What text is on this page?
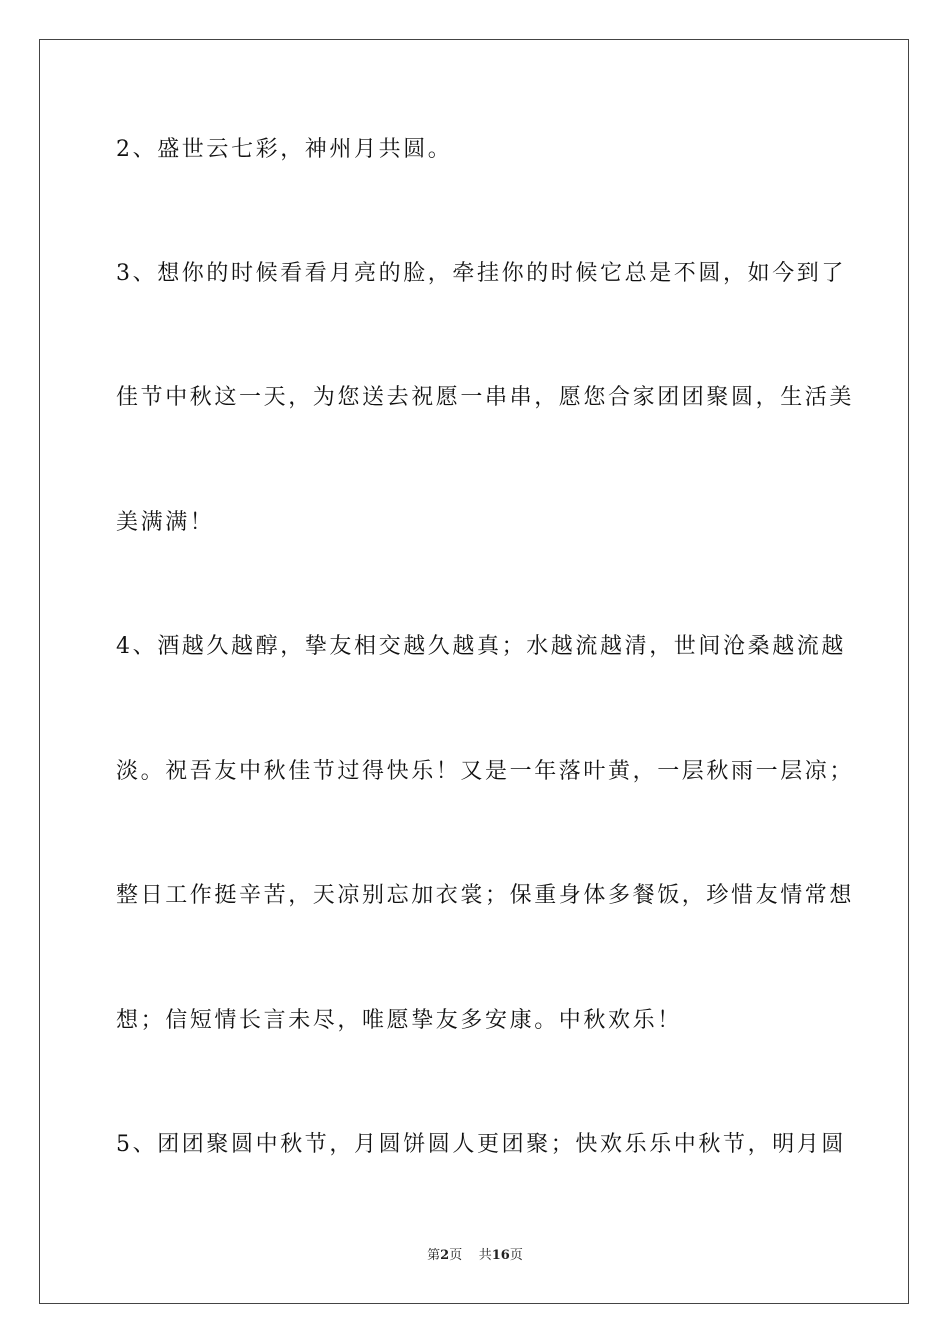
2、盛世云七彩，神州月共圆。
3、想你的时候看看月亮的脸，牵挂你的时候它总是不圆，如今到了
佳节中秋这一天，为您送去祝愿一串串，愿您合家团团聚圆，生活美
美满满！
4、酒越久越醇，挚友相交越久越真；水越流越清，世间沧桑越流越
淡。祝吾友中秋佳节过得快乐！又是一年落叶黄，一层秋雨一层凉；
整日工作挺辛苦，天凉别忘加衣裳；保重身体多餐饭，珍惜友情常想
想；信短情长言未尽，唯愿挚友多安康。中秋欢乐！
5、团团聚圆中秋节，月圆饼圆人更团聚；快欢乐乐中秋节，明月圆
第2页 共16页
